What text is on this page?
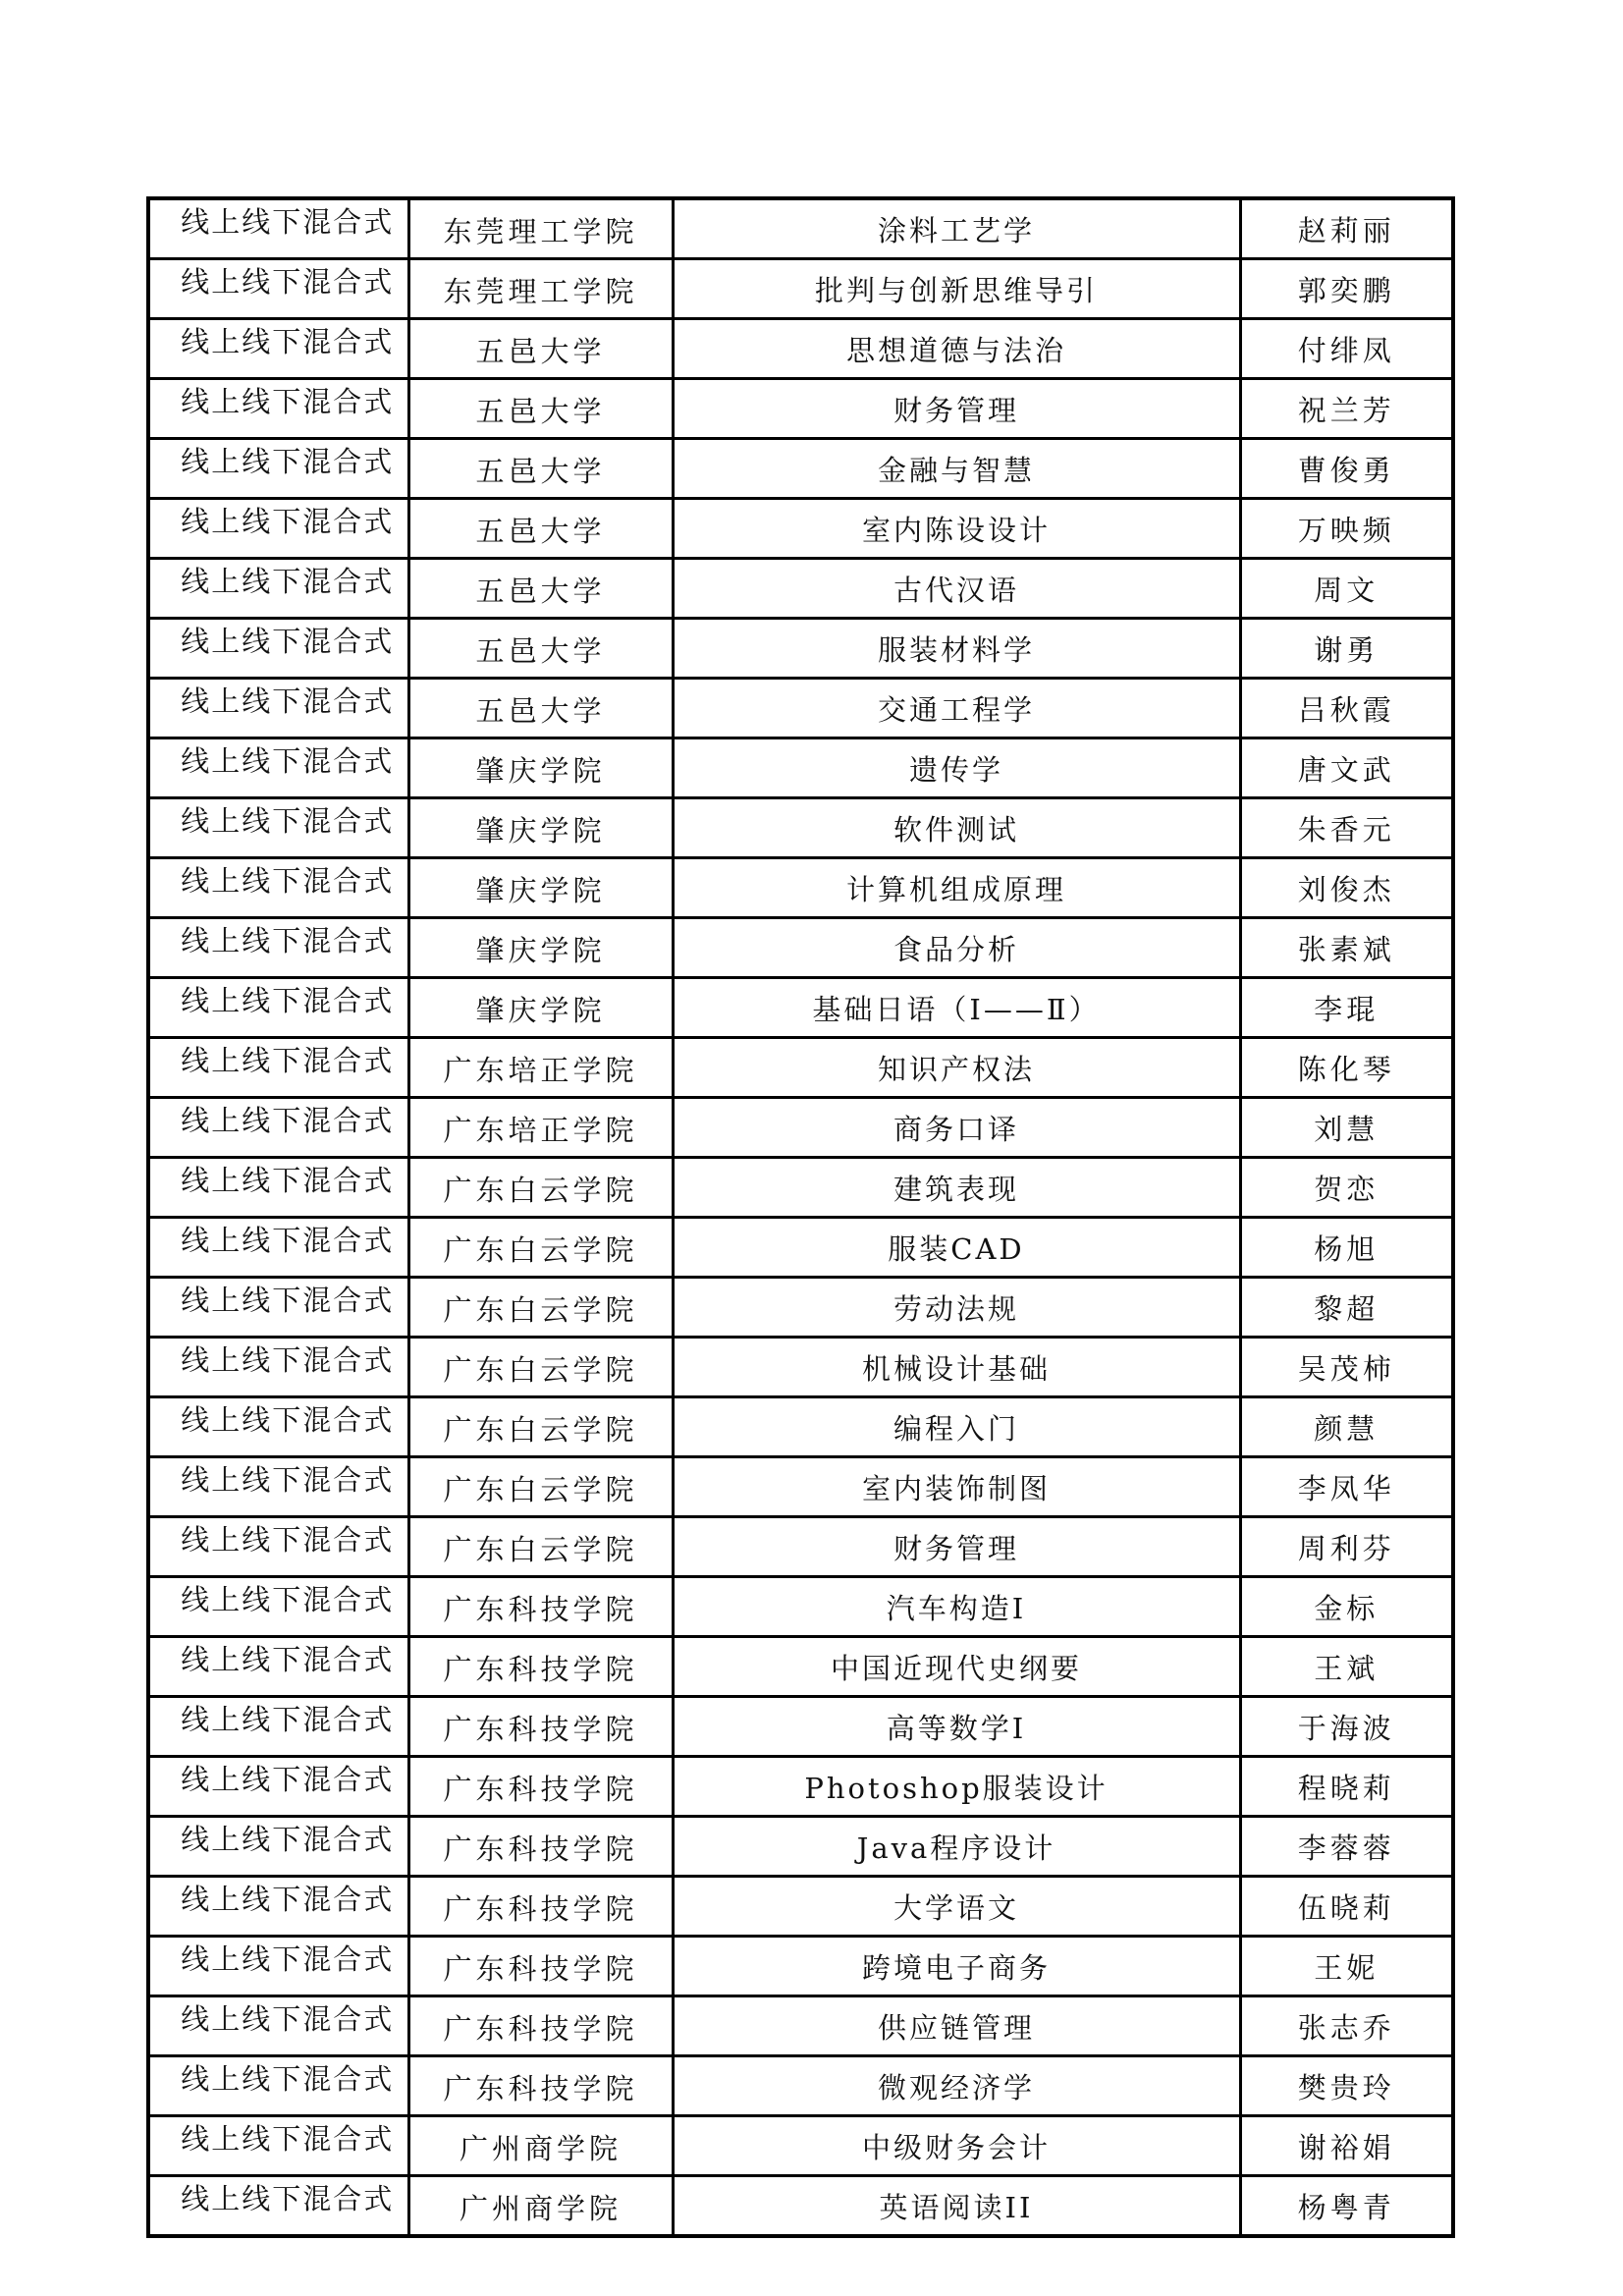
线上线下混合式	东莞理工学院	涂料工艺学	赵莉丽
线上线下混合式	东莞理工学院	批判与创新思维导引	郭奕鹏
线上线下混合式	五邑大学	思想道德与法治	付绯凤
线上线下混合式	五邑大学	财务管理	祝兰芳
线上线下混合式	五邑大学	金融与智慧	曹俊勇
线上线下混合式	五邑大学	室内陈设设计	万映频
线上线下混合式	五邑大学	古代汉语	周文
线上线下混合式	五邑大学	服装材料学	谢勇
线上线下混合式	五邑大学	交通工程学	吕秋霞
线上线下混合式	肇庆学院	遗传学	唐文武
线上线下混合式	肇庆学院	软件测试	朱香元
线上线下混合式	肇庆学院	计算机组成原理	刘俊杰
线上线下混合式	肇庆学院	食品分析	张素斌
线上线下混合式	肇庆学院	基础日语（Ⅰ——Ⅱ）	李琨
线上线下混合式	广东培正学院	知识产权法	陈化琴
线上线下混合式	广东培正学院	商务口译	刘慧
线上线下混合式	广东白云学院	建筑表现	贺恋
线上线下混合式	广东白云学院	服装CAD	杨旭
线上线下混合式	广东白云学院	劳动法规	黎超
线上线下混合式	广东白云学院	机械设计基础	吴茂柿
线上线下混合式	广东白云学院	编程入门	颜慧
线上线下混合式	广东白云学院	室内装饰制图	李凤华
线上线下混合式	广东白云学院	财务管理	周利芬
线上线下混合式	广东科技学院	汽车构造Ⅰ	金标
线上线下混合式	广东科技学院	中国近现代史纲要	王斌
线上线下混合式	广东科技学院	高等数学Ⅰ	于海波
线上线下混合式	广东科技学院	Photoshop服装设计	程晓莉
线上线下混合式	广东科技学院	Java程序设计	李蓉蓉
线上线下混合式	广东科技学院	大学语文	伍晓莉
线上线下混合式	广东科技学院	跨境电子商务	王妮
线上线下混合式	广东科技学院	供应链管理	张志乔
线上线下混合式	广东科技学院	微观经济学	樊贵玲
线上线下混合式	广州商学院	中级财务会计	谢裕娟
线上线下混合式	广州商学院	英语阅读II	杨粤青
